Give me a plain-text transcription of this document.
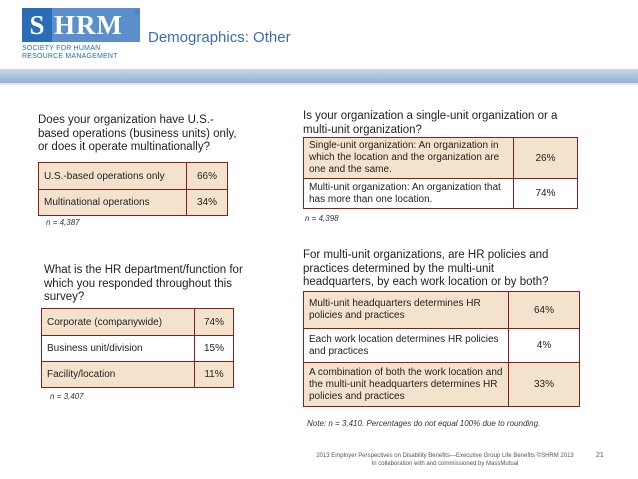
S HRM	®
SOCIETY FOR HUMAN
RESOURCE MANAGEMENT
Demographics: Other
Does your organization have U.S.-based operations (business units) only, or does it operate multinationally?
U.S.-based operations only	66%
Multinational operations	34%
n = 4,387
What is the HR department/function for which you responded throughout this survey?
Corporate (companywide)	74%
Business unit/division	15%
Facility/location	11%
n = 3,407
Is your organization a single-unit organization or a multi-unit organization?
Single-unit organization: An organization in which the location and the organization are one and the same.	26%
Multi-unit organization: An organization that has more than one location.	74%
n = 4,398
For multi-unit organizations, are HR policies and practices determined by the multi-unit headquarters, by each work location or by both?
Multi-unit headquarters determines HR policies and practices	64%
Each work location determines HR policies and practices	4%
A combination of both the work location and the multi-unit headquarters determines HR policies and practices	33%
Note: n = 3,410. Percentages do not equal 100% due to rounding.
2013 Employer Perspectives on Disability Benefits—Executive Group Life Benefits ©SHRM 2013
In collaboration with and commissioned by MassMutual
21
